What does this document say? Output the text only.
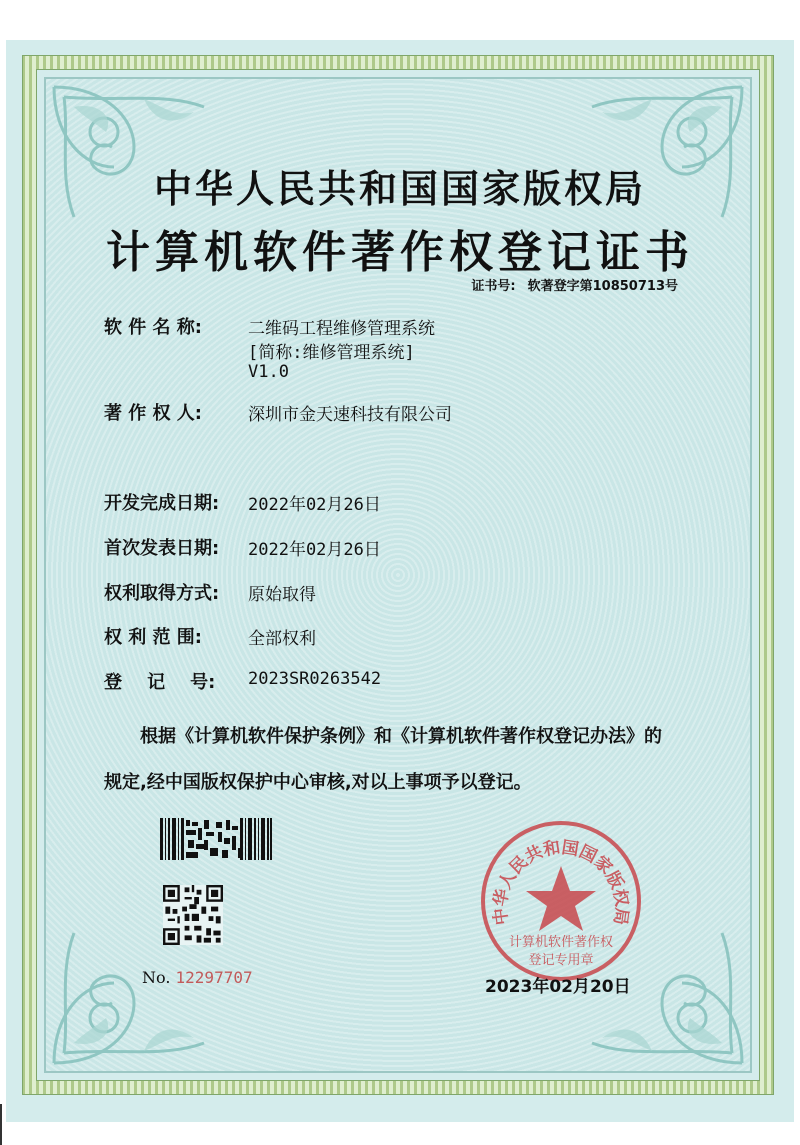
中华人民共和国国家版权局
计算机软件著作权登记证书
证书号: 软著登字第10850713号
软 件 名 称:	二维码工程维修管理系统
[简称:维修管理系统]
V1.0
著 作 权 人:	深圳市金天速科技有限公司
开发完成日期: 2022年02月26日
首次发表日期: 2022年02月26日
权利取得方式: 原始取得
权 利 范 围:	全部权利
登    记    号: 2023SR0263542
根据《计算机软件保护条例》和《计算机软件著作权登记办法》的
规定,经中国版权保护中心审核,对以上事项予以登记。
No. 12297707
中华人民共和国国家版权局
计算机软件著作权
登记专用章
2023年02月20日
